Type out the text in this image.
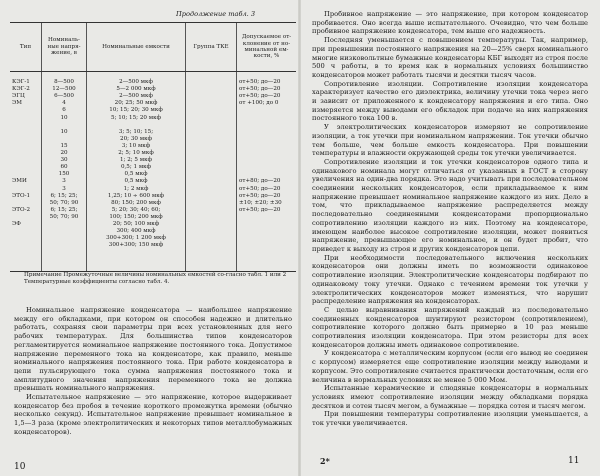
Продолжение табл. 3
Тип	Номиналь-ные напря-жение, в	Номинальные емкости	Группа ТКЕ	Допускаемое от-клонение от но-минальной ем-кости, %

КЭГ-1	8—500	2—500 мкф		от+50; до—20
КЭГ-2	12—500	5—2 000 мкф		от+50; до—20
ЭГЦ	6—500	2—500 мкф		от+50; до—20
ЭМ	4	20; 25; 50 мкф		от +100; до 0
	6	10; 15; 20; 30 мкф		
	10	5; 10; 15; 20 мкф		

	10	3; 5; 10; 15;		
		20; 30 мкф		
	15	3; 10 мкф		
	20	2; 5; 10 мкф		
	30	1; 2; 5 мкф		
	60	0,5; 1 мкф		
	150	0,5 мкф		
ЭМИ	3	0,5 мкф		от+80; до—20
	3	1; 2 мкф		от+50; до—20
ЭТО-1	6; 15; 25;	1,25; 10 ÷ 600 мкф		от+50; до—20
	50; 70; 90	80; 150; 200 мкф		±10; ±20; ±30
ЭТО-2	6; 15; 25;	5; 20; 30; 40; 60;		от+50; до—20
	50; 70; 90	100; 150; 200 мкф		
ЭФ		20; 50; 100 мкф		
		300; 400 мкф		
		300+300; 1 200 мкф		
		300+300; 150 мкф		

Примечание Промежуточные величины номинальных емкостей со-гласно табл. 1 или 2

Температурные коэффициенты согласно табл. 4.

Номинальное напряжение конденсатора — наибольшее напряжение между его обкладками, при котором он способен надежно и длительно работать, сохраняя свои параметры при всех установленных для него рабочих температурах. Для большинства типов конденсаторов регламентируется номинальное напряжение постоянного тока. Допустимое напряжение переменного тока на конденсаторе, как правило, меньше номинального напряжения постоянного тока. При работе конденсатора в цепи пульсирующего тока сумма напряжения постоянного тока и амплитудного значения напряжения переменного тока не должна превышать номинального напряжения.

Испытательное напряжение — это напряжение, которое выдерживает конденсатор без пробоя в течение короткого промежутка времени (обычно несколько секунд). Испытательное напряжение превышает номинальное в 1,5—3 раза (кроме электролитических и некоторых типов металлобумажных конденсаторов).

10

Пробивное напряжение — это напряжение, при котором конденсатор пробивается. Оно всегда выше испытательного. Очевидно, что чем больше пробивное напряжение конденсатора, тем выше его надежность.

Последняя уменьшается с повышением температуры. Так, например, при превышении постоянного напряжения на 20—25% сверх номинального многие низковольтные бумажные конденсаторы КБГ выходят из строя после 500 ч работы, в то время как в нормальных условиях большинство конденсаторов может работать тысячи и десятки тысяч часов.

Сопротивление изоляции. Сопротивление изоляции конденсатора характеризует качество его диэлектрика, величину утечки тока через него и зависит от приложенного к конденсатору напряжения и его типа. Оно измеряется между выводами его обкладок при подаче на них напряжения постоянного тока 100 в.

У электролитических конденсаторов измеряют не сопротивление изоляции, а ток утечки при номинальном напряжении. Ток утечки обычно тем больше, чем больше емкость конденсатора. При повышении температуры и влажности окружающей среды ток утечки увеличивается.

Сопротивление изоляции и ток утечки конденсаторов одного типа и одинакового номинала могут отличаться от указанных в ГОСТ в сторону увеличения на один-два порядка. Это надо учитывать при последовательном соединении нескольких конденсаторов, если прикладываемое к ним напряжение превышает номинальное напряжение каждого из них. Дело в том, что прикладываемое напряжение распределяется между последовательно соединенными конденсаторами пропорционально сопротивлению изоляции каждого из них. Поэтому на конденсаторе, имеющем наиболее высокое сопротивление изоляции, может появиться напряжение, превышающее его номинальное, и он будет пробит, что приведет к выходу из строя и других конденсаторов цепи.

При необходимости последовательного включения нескольких конденсаторов они должны иметь по возможности одинаковое сопротивление изоляции. Электролитические конденсаторы подбирают по одинаковому току утечки. Однако с течением времени ток утечки у электролитических конденсаторов может изменяться, что нарушит распределение напряжения на конденсаторах.

С целью выравнивания напряжений каждый из последовательно соединенных конденсаторов шунтируют резистором (сопротивлением), сопротивление которого должно быть примерно в 10 раз меньше сопротивления изоляции конденсатора. При этом резисторы для всех конденсаторов должны иметь одинаковое сопротивление.

У конденсатора с металлическим корпусом (если его вывод не соединен с корпусом) измеряется еще сопротивление изоляции между выводами и корпусом. Это сопротивление считается практически достаточным, если его величина в нормальных условиях не менее 5 000 Мом.

Испытанные керамические и слюдяные конденсаторы в нормальных условиях имеют сопротивление изоляции между обкладками порядка десятков и сотен тысяч мегом, а бумажные — порядка сотен и тысяч мегом.

При повышении температуры сопротивление изоляции уменьшается, а ток утечки увеличивается.

2*	11
